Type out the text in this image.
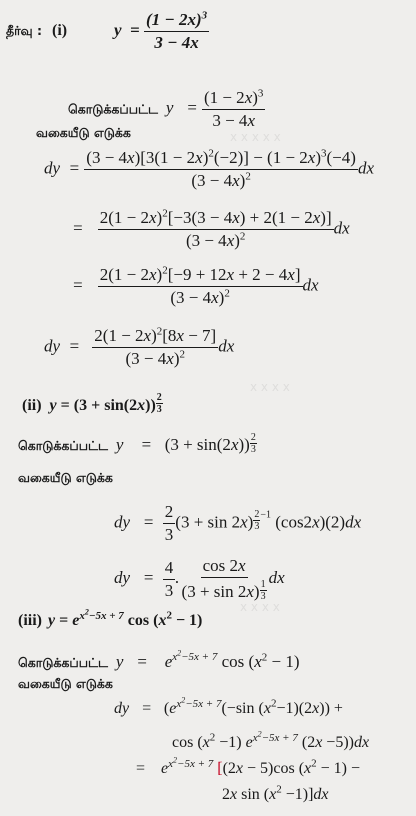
x x x x x
x x x x
x x x x
தீர்வு : (i)	$y = \frac{(1 - 2x)^3}{3 - 4x}$
கொடுக்கப்பட்ட $y = \frac{(1 - 2x)^3}{3 - 4x}$
வகையீடு எடுக்க
dy  = $\frac{(3 - 4x)[3(1 - 2x)^2(-2)] - (1 - 2x)^3(-4)}{(3 - 4x)^2}$ dx
= $\frac{2(1 - 2x)^2[-3(3 - 4x) + 2(1 - 2x)]}{(3 - 4x)^2}$ dx
= $\frac{2(1 - 2x)^2[-9 + 12x + 2 - 4x]}{(3 - 4x)^2}$ dx
dy  = $\frac{2(1 - 2x)^2[8x - 7]}{(3 - 4x)^2}$ dx
(ii) $y = (3 + \sin(2x)) \frac{2}{3}$
கொடுக்கப்பட்ட y    =   $(3 + \sin(2x)) \frac{2}{3}$
வகையீடு எடுக்க
dy   = $\frac{2}{3} (3 + \sin 2x) \frac{2}{3} ^{-1}$ (cos2x)(2)dx
dy   = $\frac{4}{3}$ . $\frac{\cos 2x}{(3 + \sin 2x) \frac{1}{3}}$ dx
(iii) $y = e^{x^2-5x + 7}$ $\cos (x^2 - 1)$
கொடுக்கப்பட்ட y   =    $e^{x^2-5x + 7}$ $\cos (x^2 - 1)$
வகையீடு எடுக்க
dy   =   ($e^{x^2-5x + 7}(-\sin$ $(x^2-1)(2x)$) +
$\cos (x^2 -1)$ $e^{x^2-5x + 7}$ (2x −5))dx
=    $e^{x^2-5x + 7}$ [(2x − 5)cos $(x^2 - 1)$ −
2x $\sin (x^2 -1)]dx$
